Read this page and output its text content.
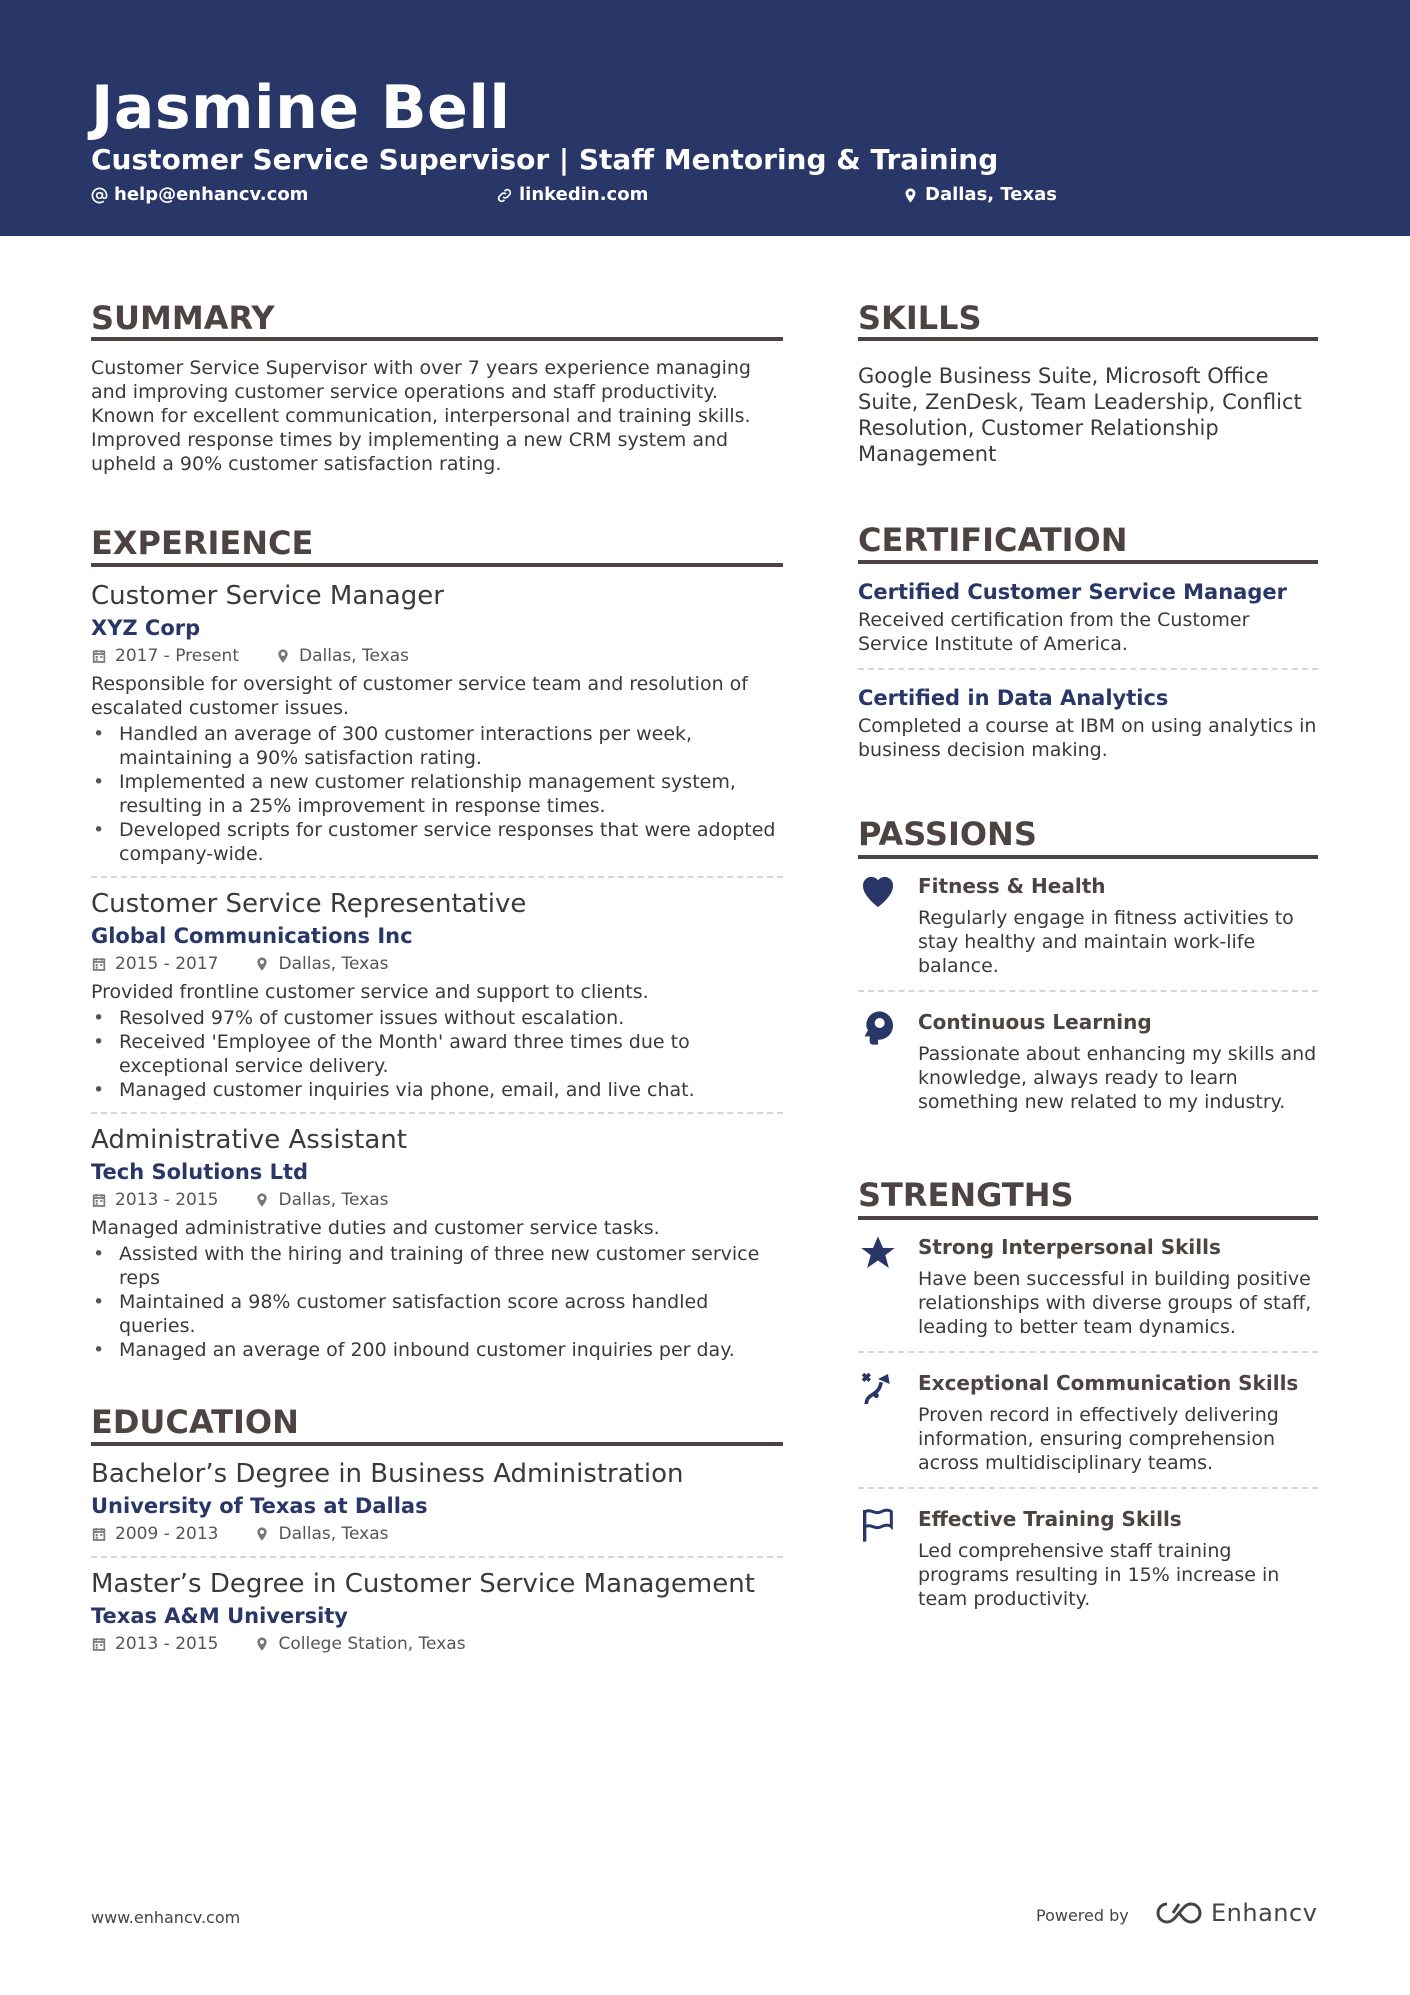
Jasmine Bell
Customer Service Supervisor | Staff Mentoring & Training
help@enhancv.com	linkedin.com	Dallas, Texas
SUMMARY
Customer Service Supervisor with over 7 years experience managing and improving customer service operations and staff productivity. Known for excellent communication, interpersonal and training skills. Improved response times by implementing a new CRM system and upheld a 90% customer satisfaction rating.
EXPERIENCE
Customer Service Manager
XYZ Corp
2017 - Present	Dallas, Texas
Responsible for oversight of customer service team and resolution of escalated customer issues.
• Handled an average of 300 customer interactions per week, maintaining a 90% satisfaction rating.
• Implemented a new customer relationship management system, resulting in a 25% improvement in response times.
• Developed scripts for customer service responses that were adopted company-wide.
Customer Service Representative
Global Communications Inc
2015 - 2017	Dallas, Texas
Provided frontline customer service and support to clients.
• Resolved 97% of customer issues without escalation.
• Received 'Employee of the Month' award three times due to exceptional service delivery.
• Managed customer inquiries via phone, email, and live chat.
Administrative Assistant
Tech Solutions Ltd
2013 - 2015	Dallas, Texas
Managed administrative duties and customer service tasks.
• Assisted with the hiring and training of three new customer service reps
• Maintained a 98% customer satisfaction score across handled queries.
• Managed an average of 200 inbound customer inquiries per day.
EDUCATION
Bachelor’s Degree in Business Administration
University of Texas at Dallas
2009 - 2013	Dallas, Texas
Master’s Degree in Customer Service Management
Texas A&M University
2013 - 2015	College Station, Texas
SKILLS
Google Business Suite, Microsoft Office Suite, ZenDesk, Team Leadership, Conflict Resolution, Customer Relationship Management
CERTIFICATION
Certified Customer Service Manager
Received certification from the Customer Service Institute of America.
Certified in Data Analytics
Completed a course at IBM on using analytics in business decision making.
PASSIONS
Fitness & Health
Regularly engage in fitness activities to stay healthy and maintain work-life balance.
Continuous Learning
Passionate about enhancing my skills and knowledge, always ready to learn something new related to my industry.
STRENGTHS
Strong Interpersonal Skills
Have been successful in building positive relationships with diverse groups of staff, leading to better team dynamics.
Exceptional Communication Skills
Proven record in effectively delivering information, ensuring comprehension across multidisciplinary teams.
Effective Training Skills
Led comprehensive staff training programs resulting in 15% increase in team productivity.
www.enhancv.com	Powered by	Enhancv
